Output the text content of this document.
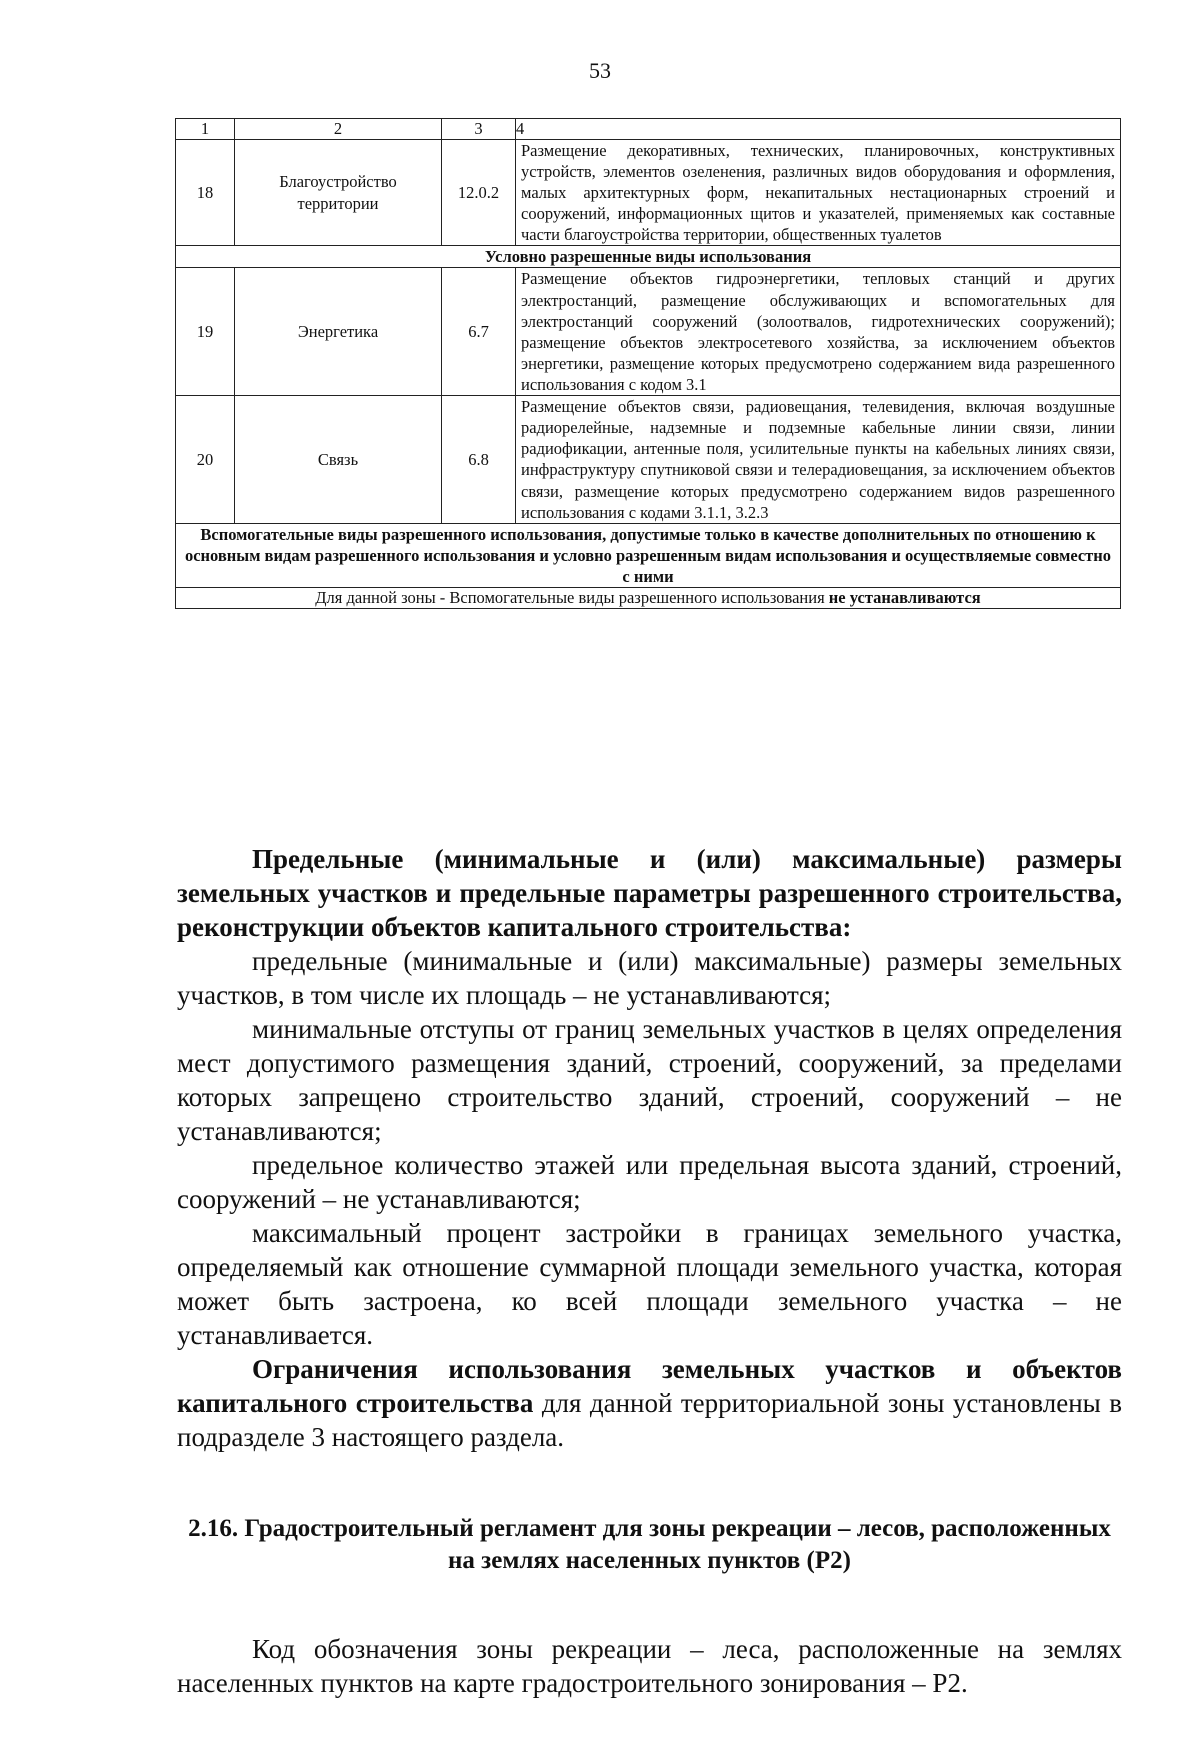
53
1	2	3	4
18	Благоустройство территории	12.0.2	Размещение декоративных, технических, планировочных, конструктивных устройств, элементов озеленения, различных видов оборудования и оформления, малых архитектурных форм, некапитальных нестационарных строений и сооружений, информационных щитов и указателей, применяемых как составные части благоустройства территории, общественных туалетов
Условно разрешенные виды использования			
19	Энергетика	6.7	Размещение объектов гидроэнергетики, тепловых станций и других электростанций, размещение обслуживающих и вспомогательных для электростанций сооружений (золоотвалов, гидротехнических сооружений); размещение объектов электросетевого хозяйства, за исключением объектов энергетики, размещение которых предусмотрено содержанием вида разрешенного использования с кодом 3.1
20	Связь	6.8	Размещение объектов связи, радиовещания, телевидения, включая воздушные радиорелейные, надземные и подземные кабельные линии связи, линии радиофикации, антенные поля, усилительные пункты на кабельных линиях связи, инфраструктуру спутниковой связи и телерадиовещания, за исключением объектов связи, размещение которых предусмотрено содержанием видов разрешенного использования с кодами 3.1.1, 3.2.3
Вспомогательные виды разрешенного использования, допустимые только в качестве дополнительных по отношению к основным видам разрешенного использования и условно разрешенным видам использования и осуществляемые совместно с ними			
Для данной зоны - Вспомогательные виды разрешенного использования не устанавливаются			

Предельные (минимальные и (или) максимальные) размеры земельных участков и предельные параметры разрешенного строительства, реконструкции объектов капитального строительства:

предельные (минимальные и (или) максимальные) размеры земельных участков, в том числе их площадь – не устанавливаются;

минимальные отступы от границ земельных участков в целях определения мест допустимого размещения зданий, строений, сооружений, за пределами которых запрещено строительство зданий, строений, сооружений – не устанавливаются;

предельное количество этажей или предельная высота зданий, строений, сооружений – не устанавливаются;

максимальный процент застройки в границах земельного участка, определяемый как отношение суммарной площади земельного участка, которая может быть застроена, ко всей площади земельного участка – не устанавливается.

Ограничения использования земельных участков и объектов капитального строительства для данной территориальной зоны установлены в подразделе 3 настоящего раздела.

2.16. Градостроительный регламент для зоны рекреации – лесов, расположенных на землях населенных пунктов (Р2)

Код обозначения зоны рекреации – леса, расположенные на землях населенных пунктов на карте градостроительного зонирования – Р2.
